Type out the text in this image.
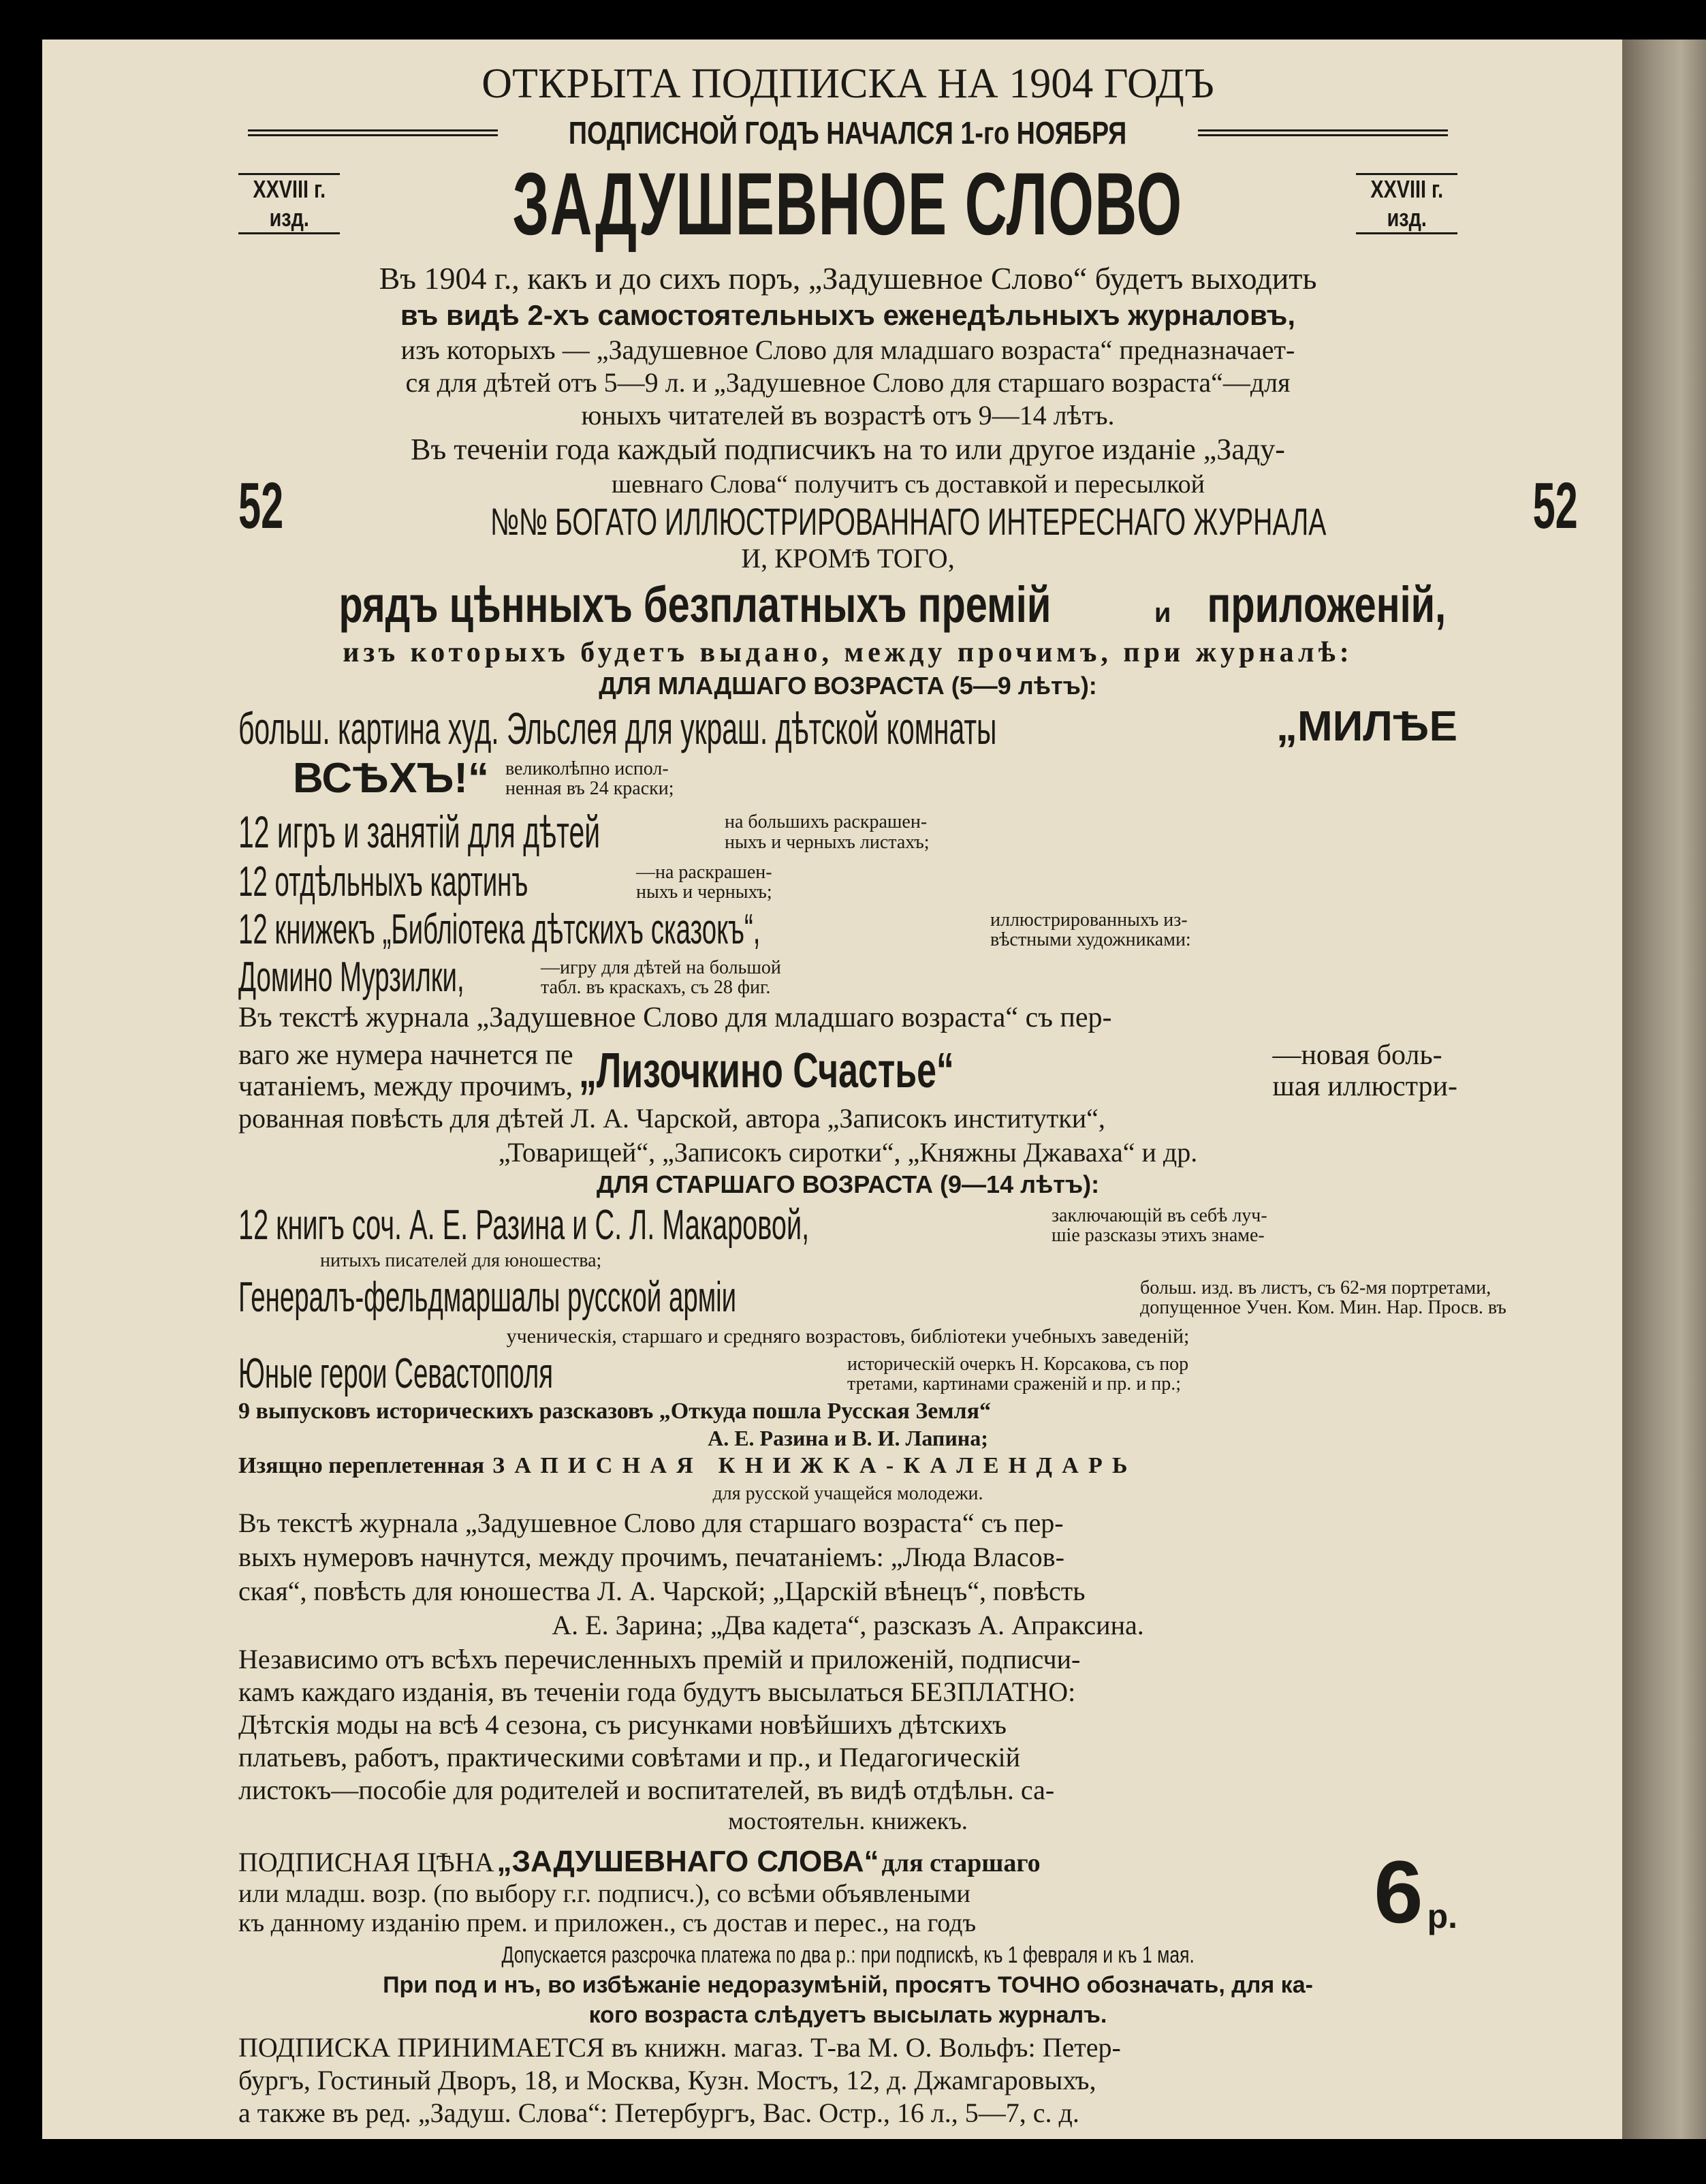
ОТКРЫТА ПОДПИСКА НА 1904 ГОДЪ
ПОДПИСНОЙ ГОДЪ НАЧАЛСЯ 1-го НОЯБРЯ
XXVIII г. изд.	ЗАДУШЕВНОЕ СЛОВО	XXVIII г. изд.
Въ 1904 г., какъ и до сихъ поръ, „Задушевное Слово“ будетъ выходить
въ видѣ 2-хъ самостоятельныхъ еженедѣльныхъ журналовъ,
изъ которыхъ — „Задушевное Слово для младшаго возраста“ предназначает-
ся для дѣтей отъ 5—9 л. и „Задушевное Слово для старшаго возраста“—для
юныхъ читателей въ возрастѣ отъ 9—14 лѣтъ.
Въ теченіи года каждый подписчикъ на то или другое изданіе „Заду-
52	шевнаго Слова“ получитъ съ доставкой и пересылкой
№№ БОГАТО ИЛЛЮСТРИРОВАННАГО ИНТЕРЕСНАГО ЖУРНАЛА	52
И, КРОМѢ ТОГО,
рядъ цѣнныхъ безплатныхъ премій	и приложеній,
изъ которыхъ будетъ выдано, между прочимъ, при журналѣ:
ДЛЯ МЛАДШАГО ВОЗРАСТА (5—9 лѣтъ):
больш. картина худ. Эльслея для украш. дѣтской комнаты	„МИЛѢЕ
ВСѢХЪ!“ великолѣпно испол-
ненная въ 24 краски;
12 игръ и занятій для дѣтей	на большихъ раскрашен-
ныхъ и черныхъ листахъ;
12 отдѣльныхъ картинъ	—на раскрашен-
ныхъ и черныхъ;
12 книжекъ „Библіотека дѣтскихъ сказокъ“,	иллюстрированныхъ из-
вѣстными художниками:
Домино Мурзилки,	—игру для дѣтей на большой
табл. въ краскахъ, съ 28 фиг.
Въ текстѣ журнала „Задушевное Слово для младшаго возраста“ съ пер-
ваго же нумера начнется пе
чатаніемъ, между прочимъ, „Лизочкино Счастье“	—новая боль-
шая иллюстри-
рованная повѣсть для дѣтей Л. А. Чарской, автора „Записокъ институтки“,
„Товарищей“, „Записокъ сиротки“, „Княжны Джаваха“ и др.
ДЛЯ СТАРШАГО ВОЗРАСТА (9—14 лѣтъ):
12 книгъ соч. А. Е. Разина и С. Л. Макаровой,	заключающій въ себѣ луч-
шіе разсказы этихъ знаме-
нитыхъ писателей для юношества;
Генералъ-фельдмаршалы русской арміи	больш. изд. въ листъ, съ 62-мя портретами,
допущенное Учен. Ком. Мин. Нар. Просв. въ
ученическія, старшаго и средняго возрастовъ, библіотеки учебныхъ заведеній;
Юные герои Севастополя	историческій очеркъ Н. Корсакова, съ пор
третами, картинами сраженій и пр. и пр.;
9 выпусковъ историческихъ разсказовъ „Откуда пошла Русская Земля“
А. Е. Разина и В. И. Лапина;
Изящно переплетенная ЗАПИСНАЯ КНИЖКА-КАЛЕНДАРЬ
для русской учащейся молодежи.
Въ текстѣ журнала „Задушевное Слово для старшаго возраста“ съ пер-
выхъ нумеровъ начнутся, между прочимъ, печатаніемъ: „Люда Власов-
ская“, повѣсть для юношества Л. А. Чарской; „Царскій вѣнецъ“, повѣсть
А. Е. Зарина; „Два кадета“, разсказъ А. Апраксина.
Независимо отъ всѣхъ перечисленныхъ премій и приложеній, подписчи-
камъ каждаго изданія, въ теченіи года будутъ высылаться БЕЗПЛАТНО:
Дѣтскія моды на всѣ 4 сезона, съ рисунками новѣйшихъ дѣтскихъ
платьевъ, работъ, практическими совѣтами и пр., и Педагогическій
листокъ—пособіе для родителей и воспитателей, въ видѣ отдѣльн. са-
мостоятельн. книжекъ.
ПОДПИСНАЯ ЦѢНА „ЗАДУШЕВНАГО СЛОВА“ для старшаго
или младш. возр. (по выбору г.г. подписч.), со всѣми объявлеными
къ данному изданію прем. и приложен., съ достав и перес., на годъ	6 р.
Допускается разсрочка платежа по два р.: при подпискѣ, къ 1 февраля и къ 1 мая.
При под и нъ, во избѣжаніе недоразумѣній, просятъ ТОЧНО обозначать, для ка-
кого возраста слѣдуетъ высылать журналъ.
ПОДПИСКА ПРИНИМАЕТСЯ въ книжн. магаз. Т-ва М. О. Вольфъ: Петер-
бургъ, Гостиный Дворъ, 18, и Москва, Кузн. Мостъ, 12, д. Джамгаровыхъ,
а также въ ред. „Задуш. Слова“: Петербургъ, Вас. Остр., 16 л., 5—7, с. д.
